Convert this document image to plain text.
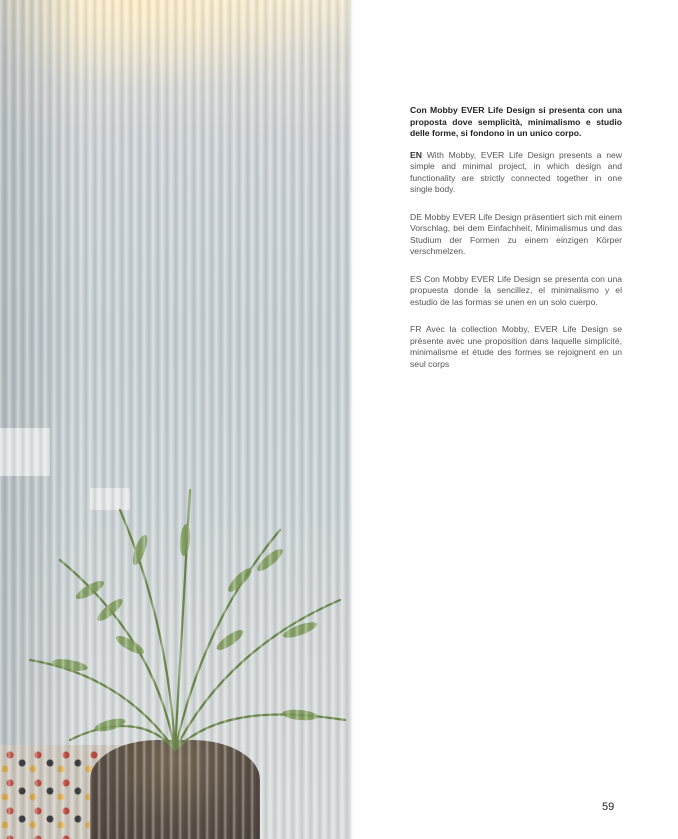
Con Mobby EVER Life Design si presenta con una proposta dove semplicità, minimalismo e studio delle forme, si fondono in un unico corpo.

EN With Mobby, EVER Life Design presents a new simple and minimal project, in which design and functionality are strictly connected together in one single body.

DE Mobby EVER Life Design präsentiert sich mit einem Vorschlag, bei dem Einfachheit, Minimalismus und das Studium der Formen zu einem einzigen Körper verschmelzen.

ES Con Mobby EVER Life Design se presenta con una propuesta donde la sencillez, el minimalismo y el estudio de las formas se unen en un solo cuerpo.

FR Avec la collection Mobby, EVER Life Design se présente avec une proposition dans laquelle simplicité, minimalisme et étude des formes se rejoignent en un seul corps

59
